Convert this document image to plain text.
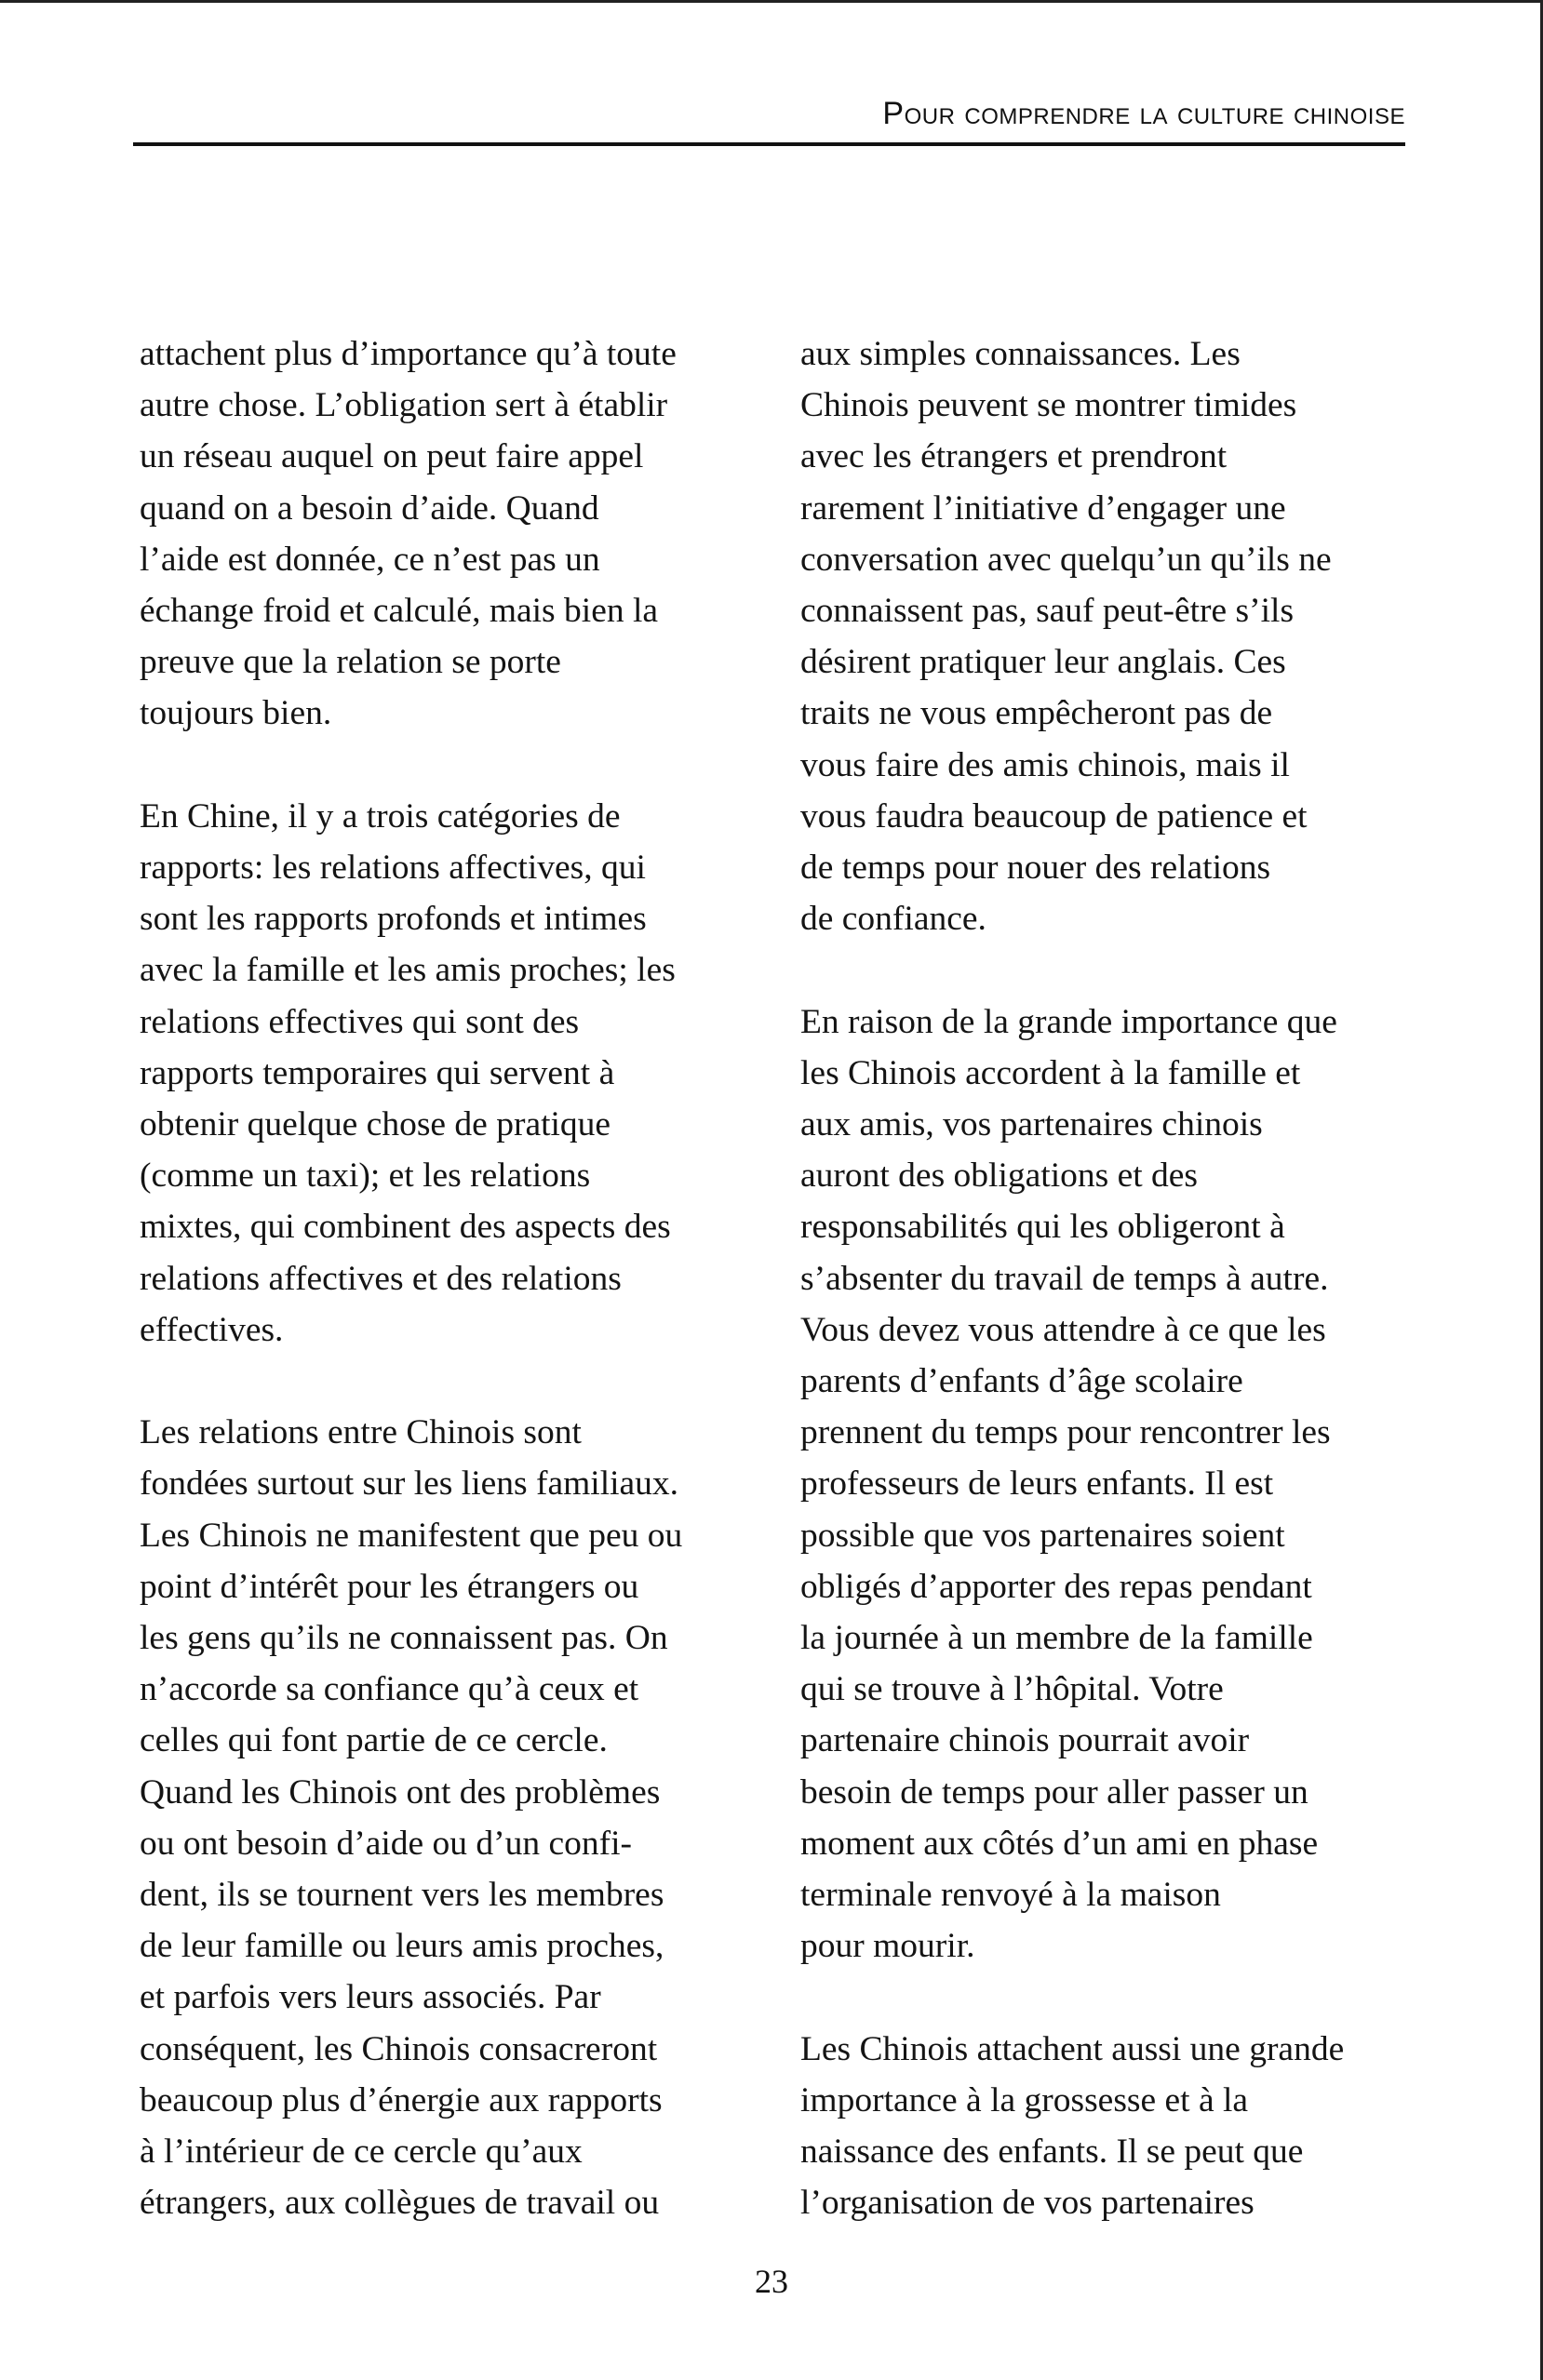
Pour comprendre la culture chinoise

attachent plus d’importance qu’à toute
autre chose. L’obligation sert à établir
un réseau auquel on peut faire appel
quand on a besoin d’aide. Quand
l’aide est donnée, ce n’est pas un
échange froid et calculé, mais bien la
preuve que la relation se porte
toujours bien.

En Chine, il y a trois catégories de
rapports: les relations affectives, qui
sont les rapports profonds et intimes
avec la famille et les amis proches; les
relations effectives qui sont des
rapports temporaires qui servent à
obtenir quelque chose de pratique
(comme un taxi); et les relations
mixtes, qui combinent des aspects des
relations affectives et des relations
effectives.

Les relations entre Chinois sont
fondées surtout sur les liens familiaux.
Les Chinois ne manifestent que peu ou
point d’intérêt pour les étrangers ou
les gens qu’ils ne connaissent pas. On
n’accorde sa confiance qu’à ceux et
celles qui font partie de ce cercle.
Quand les Chinois ont des problèmes
ou ont besoin d’aide ou d’un confi-
dent, ils se tournent vers les membres
de leur famille ou leurs amis proches,
et parfois vers leurs associés. Par
conséquent, les Chinois consacreront
beaucoup plus d’énergie aux rapports
à l’intérieur de ce cercle qu’aux
étrangers, aux collègues de travail ou

aux simples connaissances. Les
Chinois peuvent se montrer timides
avec les étrangers et prendront
rarement l’initiative d’engager une
conversation avec quelqu’un qu’ils ne
connaissent pas, sauf peut-être s’ils
désirent pratiquer leur anglais. Ces
traits ne vous empêcheront pas de
vous faire des amis chinois, mais il
vous faudra beaucoup de patience et
de temps pour nouer des relations
de confiance.

En raison de la grande importance que
les Chinois accordent à la famille et
aux amis, vos partenaires chinois
auront des obligations et des
responsabilités qui les obligeront à
s’absenter du travail de temps à autre.
Vous devez vous attendre à ce que les
parents d’enfants d’âge scolaire
prennent du temps pour rencontrer les
professeurs de leurs enfants. Il est
possible que vos partenaires soient
obligés d’apporter des repas pendant
la journée à un membre de la famille
qui se trouve à l’hôpital. Votre
partenaire chinois pourrait avoir
besoin de temps pour aller passer un
moment aux côtés d’un ami en phase
terminale renvoyé à la maison
pour mourir.

Les Chinois attachent aussi une grande
importance à la grossesse et à la
naissance des enfants. Il se peut que
l’organisation de vos partenaires

23
